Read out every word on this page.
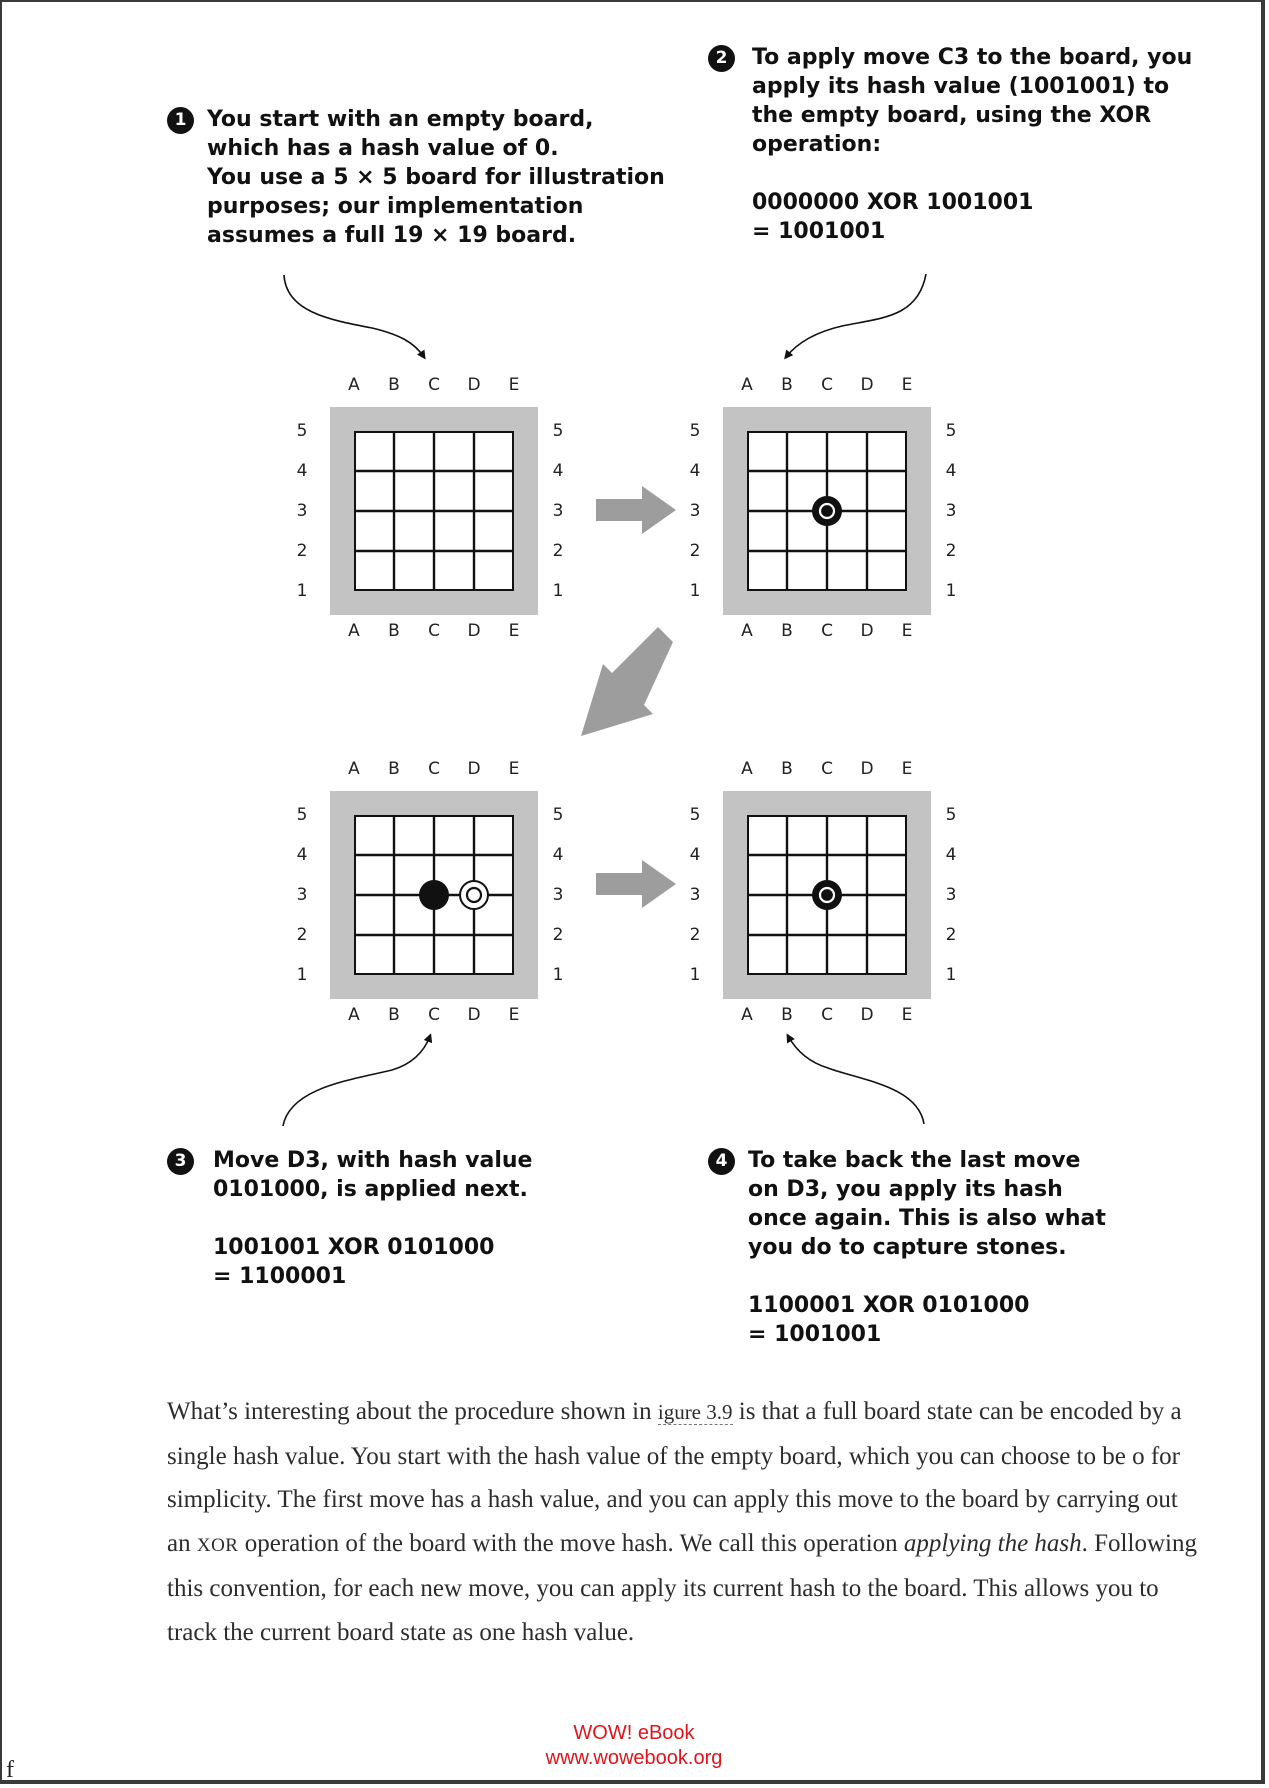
1 You start with an empty board,

which has a hash value of 0.

You use a 5 × 5 board for illustration

purposes; our implementation

assumes a full 19 × 19 board.

2	To apply move C3 to the board, you

apply its hash value (1001001) to

the empty board, using the XOR

operation:

0000000 XOR 1001001

= 1001001

3	Move D3, with hash value

0101000, is applied next.

1001001 XOR 0101000

= 1100001

4 To take back the last move

on D3, you apply its hash

once again. This is also what

you do to capture stones.

1100001 XOR 0101000

= 1001001

A
A
B
B
C
C
D
D
E
E
5	5
4	4
3	3
2	2
1	1
A
A
B
B
C
C
D
D
E
E
5	5
4	4
3	3
2	2
1	1
A
A
B
B
C
C
D
D
E
E
5	5
4	4
3	3
2	2
1	1
A
A
B
B
C
C
D
D
E
E
5	5
4	4
3	3
2	2
1	1

What’s interesting about the procedure shown in igure 3.9 is that a full board state can be encoded by a single hash value. You start with the hash value of the empty board, which you can choose to be o for simplicity. The first move has a hash value, and you can apply this move to the board by carrying out an XOR operation of the board with the move hash. We call this operation applying the hash. Following this convention, for each new move, you can apply its current hash to the board. This allows you to track the current board state as one hash value.

WOW! eBook
www.wowebook.org
f
